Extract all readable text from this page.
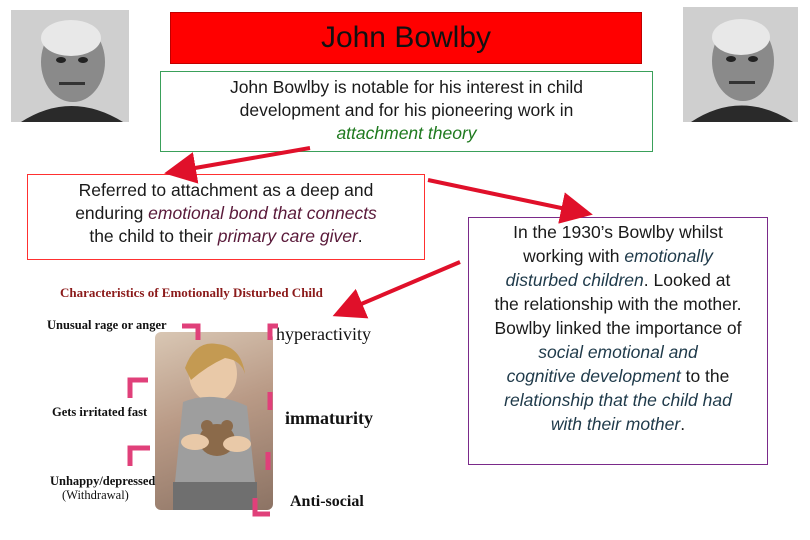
John Bowlby
John Bowlby is notable for his interest in child
development and for his pioneering work in
attachment theory
Referred to attachment as a deep and
enduring emotional bond that connects
the child to their primary care giver.	In the 1930’s Bowlby whilst
working with emotionally
disturbed children. Looked at
the relationship with the mother.
Bowlby linked the importance of
social emotional and
cognitive development to the
relationship that the child had
with their mother.
Characteristics of Emotionally Disturbed Child
Unusual rage or anger	hyperactivity
Gets irritated fast	immaturity
Unhappy/depressed
(Withdrawal)	Anti-social
